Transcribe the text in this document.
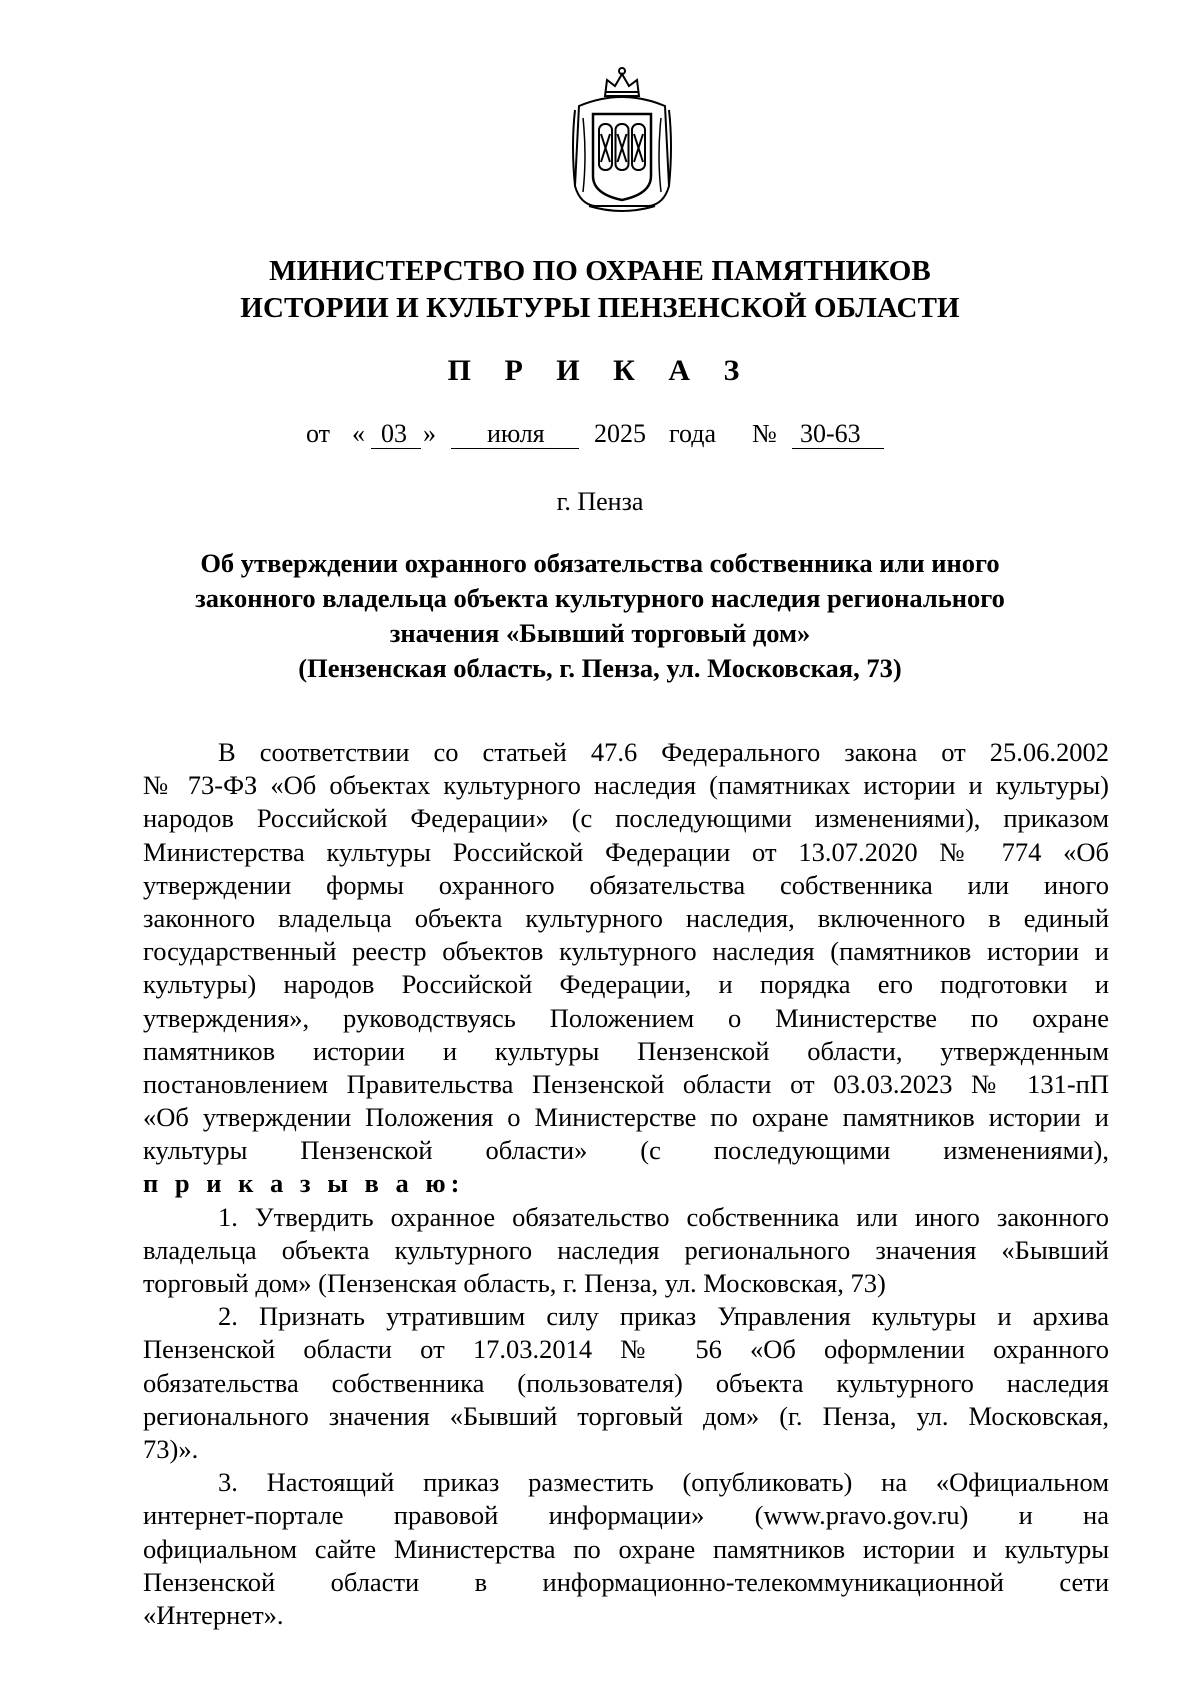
МИНИСТЕРСТВО ПО ОХРАНЕ ПАМЯТНИКОВ
ИСТОРИИ И КУЛЬТУРЫ ПЕНЗЕНСКОЙ ОБЛАСТИ
П Р И К А З
от « 03 » июля 2025 года № 30-63
г. Пенза
Об утверждении охранного обязательства собственника или иного
законного владельца объекта культурного наследия регионального
значения «Бывший торговый дом»
(Пензенская область, г. Пенза, ул. Московская, 73)
В соответствии со статьей 47.6 Федерального закона от 25.06.2002
№ 73-ФЗ «Об объектах культурного наследия (памятниках истории и культуры)
народов Российской Федерации» (с последующими изменениями), приказом
Министерства культуры Российской Федерации от 13.07.2020 № 774 «Об
утверждении формы охранного обязательства собственника или иного
законного владельца объекта культурного наследия, включенного в единый
государственный реестр объектов культурного наследия (памятников истории и
культуры) народов Российской Федерации, и порядка его подготовки и
утверждения», руководствуясь Положением о Министерстве по охране
памятников истории и культуры Пензенской области, утвержденным
постановлением Правительства Пензенской области от 03.03.2023 № 131-пП
«Об утверждении Положения о Министерстве по охране памятников истории и
культуры Пензенской области» (с последующими изменениями),
п р и к а з ы в а ю:
1. Утвердить охранное обязательство собственника или иного законного
владельца объекта культурного наследия регионального значения «Бывший
торговый дом» (Пензенская область, г. Пенза, ул. Московская, 73)
2. Признать утратившим силу приказ Управления культуры и архива
Пензенской области от 17.03.2014 № 56 «Об оформлении охранного
обязательства собственника (пользователя) объекта культурного наследия
регионального значения «Бывший торговый дом» (г. Пенза, ул. Московская,
73)».
3. Настоящий приказ разместить (опубликовать) на «Официальном
интернет-портале правовой информации» (www.pravo.gov.ru) и на
официальном сайте Министерства по охране памятников истории и культуры
Пензенской области в информационно-телекоммуникационной сети
«Интернет».
